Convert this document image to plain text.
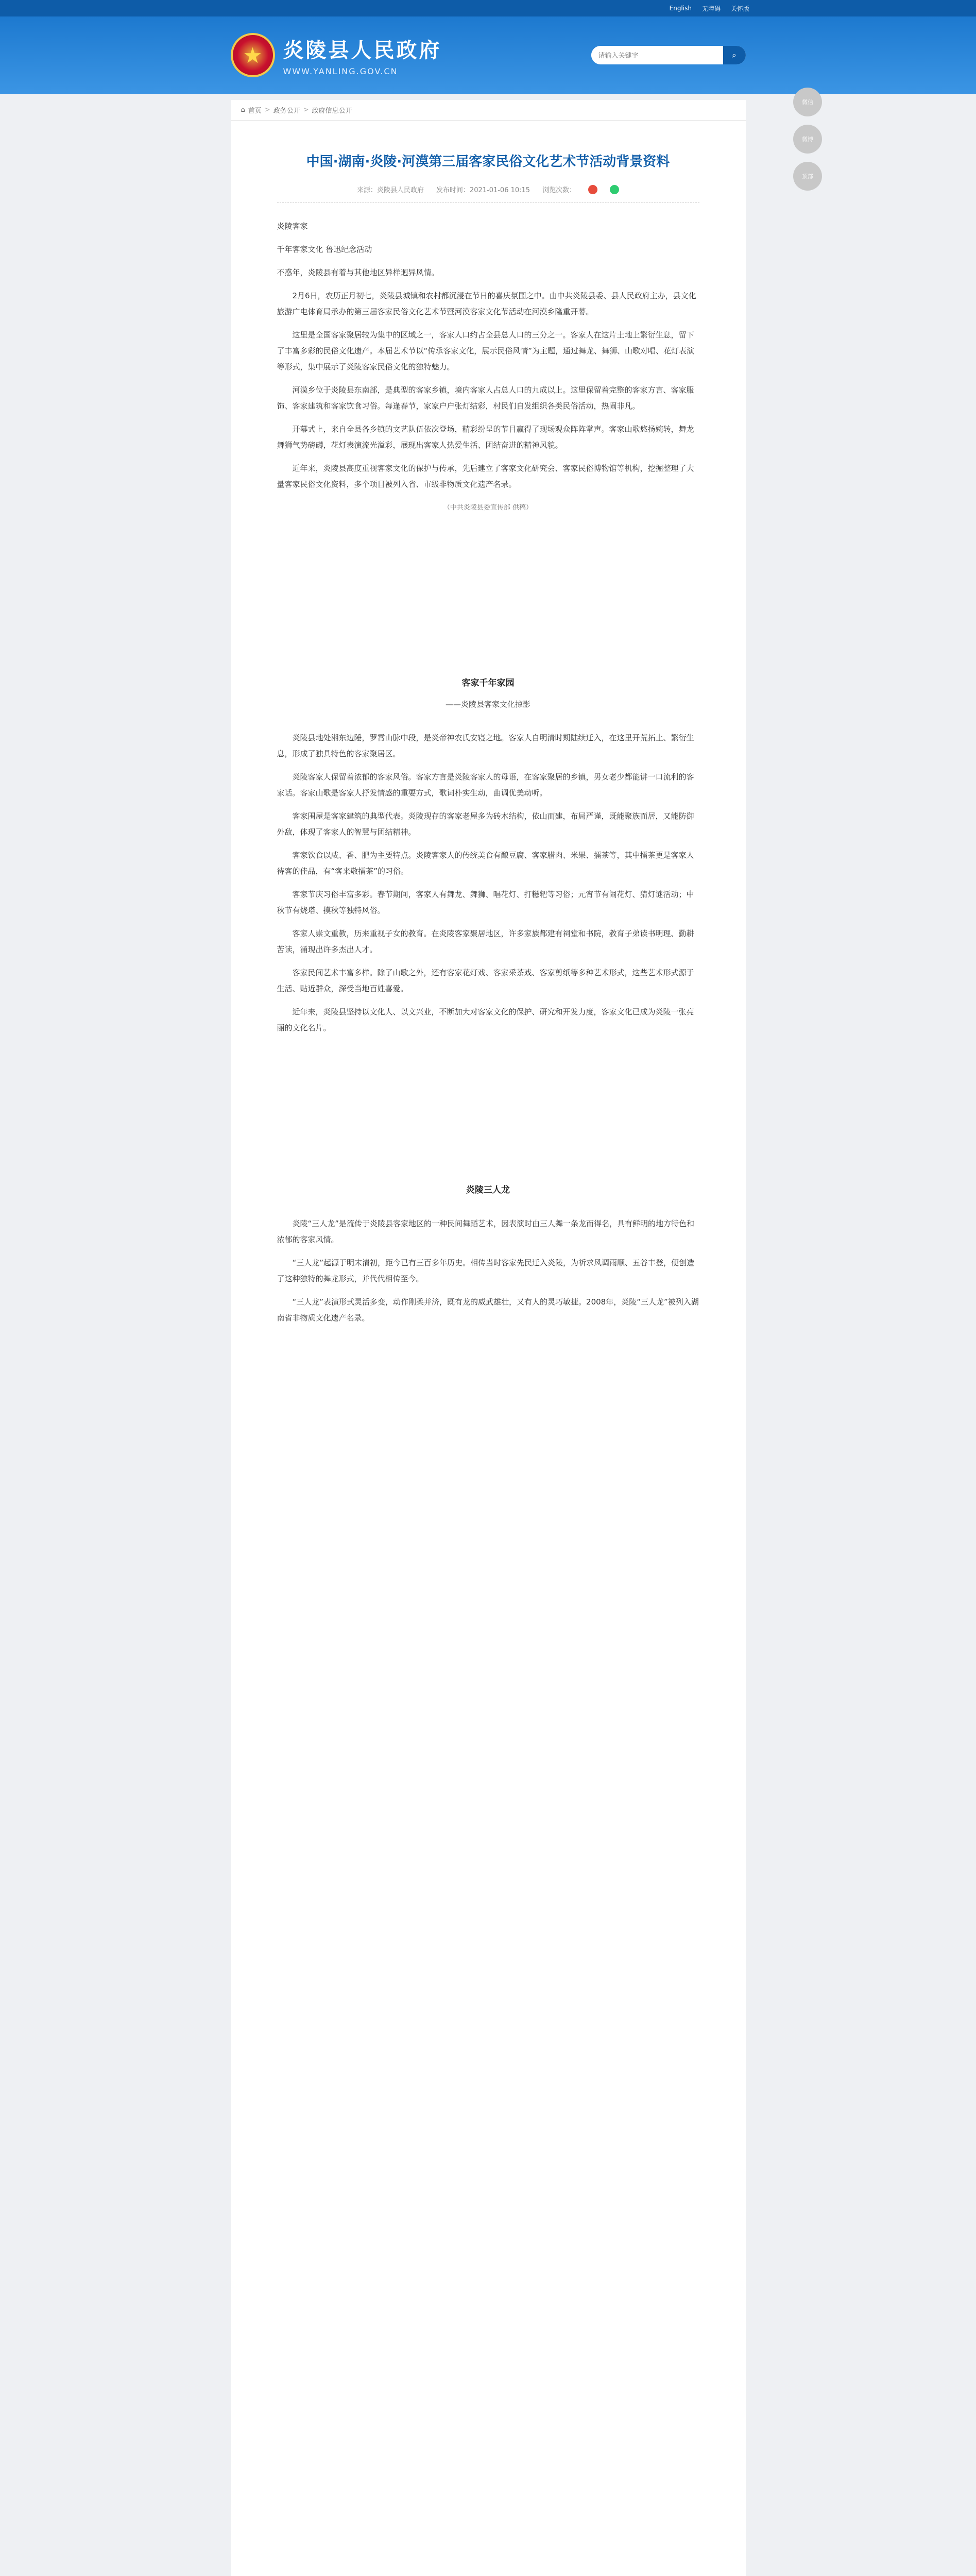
English 无障碍 关怀版
★	炎陵县人民政府
WWW.YANLING.GOV.CN
请输入关键字
⌕
微信
微博
顶部
⌂ 首页 > 政务公开 > 政府信息公开
中国·湖南·炎陵·河漠第三届客家民俗文化艺术节活动背景资料
来源：炎陵县人民政府 发布时间：2021-01-06 10:15 浏览次数：

炎陵客家

千年客家文化 鲁迅纪念活动

不惑年，炎陵县有着与其他地区异样迥异风情。

2月6日，农历正月初七，炎陵县城镇和农村都沉浸在节日的喜庆氛围之中。由中共炎陵县委、县人民政府主办，县文化旅游广电体育局承办的第三届客家民俗文化艺术节暨河漠客家文化节活动在河漠乡隆重开幕。

这里是全国客家聚居较为集中的区域之一，客家人口约占全县总人口的三分之一。客家人在这片土地上繁衍生息，留下了丰富多彩的民俗文化遗产。本届艺术节以“传承客家文化，展示民俗风情”为主题，通过舞龙、舞狮、山歌对唱、花灯表演等形式，集中展示了炎陵客家民俗文化的独特魅力。

河漠乡位于炎陵县东南部，是典型的客家乡镇，境内客家人占总人口的九成以上。这里保留着完整的客家方言、客家服饰、客家建筑和客家饮食习俗。每逢春节，家家户户张灯结彩，村民们自发组织各类民俗活动，热闹非凡。

开幕式上，来自全县各乡镇的文艺队伍依次登场，精彩纷呈的节目赢得了现场观众阵阵掌声。客家山歌悠扬婉转，舞龙舞狮气势磅礴，花灯表演流光溢彩，展现出客家人热爱生活、团结奋进的精神风貌。

近年来，炎陵县高度重视客家文化的保护与传承，先后建立了客家文化研究会、客家民俗博物馆等机构，挖掘整理了大量客家民俗文化资料，多个项目被列入省、市级非物质文化遗产名录。

（中共炎陵县委宣传部 供稿）
客家千年家园
——炎陵县客家文化掠影

炎陵县地处湘东边陲，罗霄山脉中段，是炎帝神农氏安寝之地。客家人自明清时期陆续迁入，在这里开荒拓土、繁衍生息，形成了独具特色的客家聚居区。

炎陵客家人保留着浓郁的客家风俗。客家方言是炎陵客家人的母语，在客家聚居的乡镇，男女老少都能讲一口流利的客家话。客家山歌是客家人抒发情感的重要方式，歌词朴实生动，曲调优美动听。

客家围屋是客家建筑的典型代表。炎陵现存的客家老屋多为砖木结构，依山而建，布局严谨，既能聚族而居，又能防御外敌，体现了客家人的智慧与团结精神。

客家饮食以咸、香、肥为主要特点。炎陵客家人的传统美食有酿豆腐、客家腊肉、米果、擂茶等，其中擂茶更是客家人待客的佳品，有“客来敬擂茶”的习俗。

客家节庆习俗丰富多彩。春节期间，客家人有舞龙、舞狮、唱花灯、打糍粑等习俗；元宵节有闹花灯、猜灯谜活动；中秋节有烧塔、摸秋等独特风俗。

客家人崇文重教，历来重视子女的教育。在炎陵客家聚居地区，许多家族都建有祠堂和书院，教育子弟读书明理、勤耕苦读，涌现出许多杰出人才。

客家民间艺术丰富多样。除了山歌之外，还有客家花灯戏、客家采茶戏、客家剪纸等多种艺术形式，这些艺术形式源于生活、贴近群众，深受当地百姓喜爱。

近年来，炎陵县坚持以文化人、以文兴业，不断加大对客家文化的保护、研究和开发力度，客家文化已成为炎陵一张亮丽的文化名片。

炎陵三人龙

炎陵“三人龙”是流传于炎陵县客家地区的一种民间舞蹈艺术，因表演时由三人舞一条龙而得名，具有鲜明的地方特色和浓郁的客家风情。

“三人龙”起源于明末清初，距今已有三百多年历史。相传当时客家先民迁入炎陵，为祈求风调雨顺、五谷丰登，便创造了这种独特的舞龙形式，并代代相传至今。

“三人龙”表演形式灵活多变，动作刚柔并济，既有龙的威武雄壮，又有人的灵巧敏捷。2008年，炎陵“三人龙”被列入湖南省非物质文化遗产名录。
